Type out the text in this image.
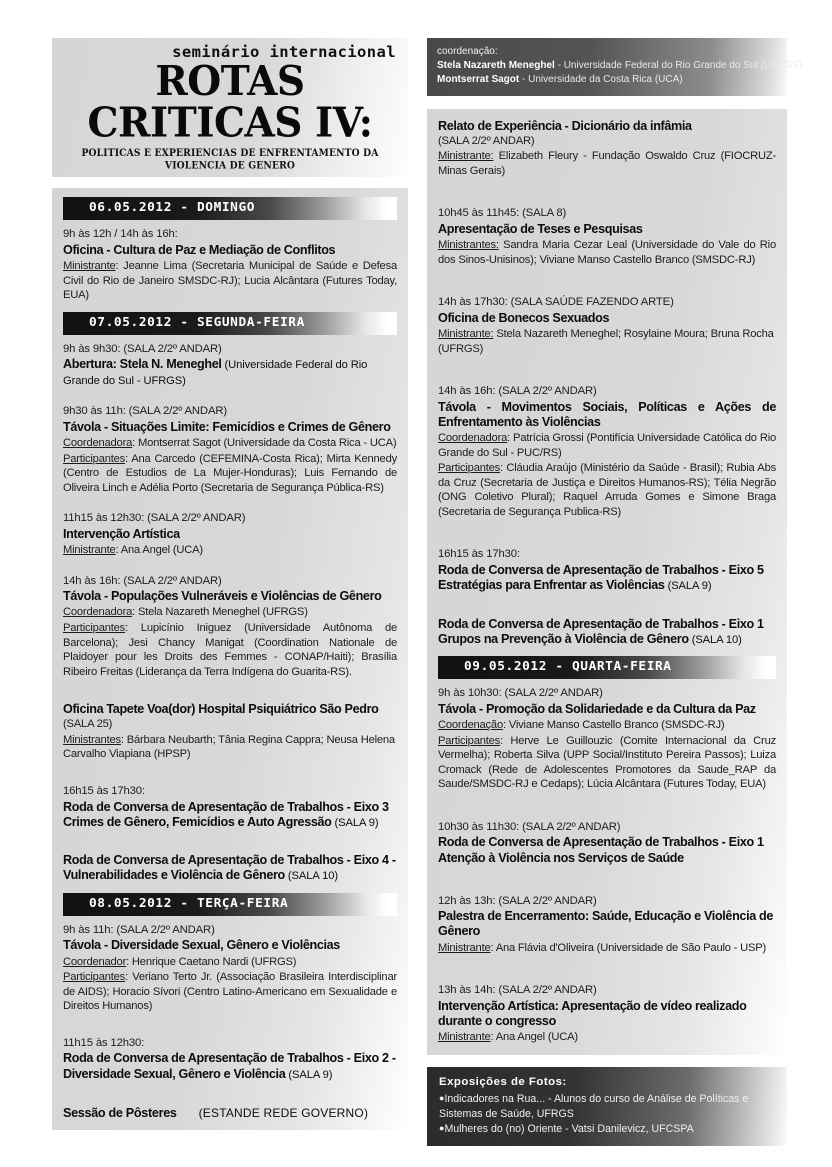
seminário internacional
ROTAS CRITICAS IV:
POLITICAS E EXPERIENCIAS DE ENFRENTAMENTO DA VIOLENCIA DE GENERO
06.05.2012 - DOMINGO
9h às 12h / 14h às 16h:
Oficina - Cultura de Paz e Mediação de Conflitos
Ministrante: Jeanne Lima (Secretaria Municipal de Saúde e Defesa Civil do Rio de Janeiro SMSDC-RJ); Lucia Alcântara (Futures Today, EUA)
07.05.2012 - SEGUNDA-FEIRA
9h às 9h30: (SALA 2/2º ANDAR)
Abertura: Stela N. Meneghel (Universidade Federal do Rio Grande do Sul - UFRGS)
9h30 às 11h: (SALA 2/2º ANDAR)
Távola - Situações Limite: Femicídios e Crimes de Gênero
Coordenadora: Montserrat Sagot (Universidade da Costa Rica - UCA)
Participantes: Ana Carcedo (CEFEMINA-Costa Rica); Mirta Kennedy (Centro de Estudios de La Mujer-Honduras); Luis Fernando de Oliveira Linch e Adélia Porto (Secretaria de Segurança Pública-RS)
11h15 às 12h30: (SALA 2/2º ANDAR)
Intervenção Artística
Ministrante: Ana Angel (UCA)
14h às 16h: (SALA 2/2º ANDAR)
Távola - Populações Vulneráveis e Violências de Gênero
Coordenadora: Stela Nazareth Meneghel (UFRGS)
Participantes: Lupicínio Iniguez (Universidade Autônoma de Barcelona); Jesi Chancy Manigat (Coordination Nationale de Plaidoyer pour les Droits des Femmes - CONAP/Haiti); Brasília Ribeiro Freitas (Liderança da Terra Indígena do Guarita-RS).
Oficina Tapete Voa(dor) Hospital Psiquiátrico São Pedro
(SALA 25)
Ministrantes: Bárbara Neubarth; Tânia Regina Cappra; Neusa Helena Carvalho Viapiana (HPSP)
16h15 às 17h30:
Roda de Conversa de Apresentação de Trabalhos - Eixo 3 Crimes de Gênero, Femicídios e Auto Agressão (SALA 9)
Roda de Conversa de Apresentação de Trabalhos - Eixo 4 - Vulnerabilidades e Violência de Gênero (SALA 10)
08.05.2012 - TERÇA-FEIRA
9h às 11h: (SALA 2/2º ANDAR)
Távola - Diversidade Sexual, Gênero e Violências
Coordenador: Henrique Caetano Nardi (UFRGS)
Participantes: Veriano Terto Jr. (Associação Brasileira Interdisciplinar de AIDS); Horacio Sívori (Centro Latino-Americano em Sexualidade e Direitos Humanos)
11h15 às 12h30:
Roda de Conversa de Apresentação de Trabalhos - Eixo 2 - Diversidade Sexual, Gênero e Violência (SALA 9)
Sessão de Pôsteres (ESTANDE REDE GOVERNO)
coordenação:
Stela Nazareth Meneghel - Universidade Federal do Rio Grande do Sul (UFRGS)
Montserrat Sagot - Universidade da Costa Rica (UCA)
Relato de Experiência - Dicionário da infâmia
(SALA 2/2º ANDAR)
Ministrante: Elizabeth Fleury - Fundação Oswaldo Cruz (FIOCRUZ-Minas Gerais)
10h45 às 11h45: (SALA 8)
Apresentação de Teses e Pesquisas
Ministrantes: Sandra Maria Cezar Leal (Universidade do Vale do Rio dos Sinos-Unisinos); Viviane Manso Castello Branco (SMSDC-RJ)
14h às 17h30: (SALA SAÚDE FAZENDO ARTE)
Oficina de Bonecos Sexuados
Ministrante: Stela Nazareth Meneghel; Rosylaine Moura; Bruna Rocha (UFRGS)
14h às 16h: (SALA 2/2º ANDAR)
Távola - Movimentos Sociais, Políticas e Ações de Enfrentamento às Violências
Coordenadora: Patrícia Grossi (Pontifícia Universidade Católica do Rio Grande do Sul - PUC/RS)
Participantes: Cláudia Araújo (Ministério da Saúde - Brasil); Rubia Abs da Cruz (Secretaria de Justiça e Direitos Humanos-RS); Télia Negrão (ONG Coletivo Plural); Raquel Arruda Gomes e Simone Braga (Secretaria de Segurança Publica-RS)
16h15 às 17h30:
Roda de Conversa de Apresentação de Trabalhos - Eixo 5 Estratégias para Enfrentar as Violências (SALA 9)
Roda de Conversa de Apresentação de Trabalhos - Eixo 1 Grupos na Prevenção à Violência de Gênero (SALA 10)
09.05.2012 - QUARTA-FEIRA
9h às 10h30: (SALA 2/2º ANDAR)
Távola - Promoção da Solidariedade e da Cultura da Paz
Coordenação: Viviane Manso Castello Branco (SMSDC-RJ)
Participantes: Herve Le Guillouzic (Comite Internacional da Cruz Vermelha); Roberta Silva (UPP Social/Instituto Pereira Passos); Luiza Cromack (Rede de Adolescentes Promotores da Saude_RAP da Saude/SMSDC-RJ e Cedaps); Lúcia Alcântara (Futures Today, EUA)
10h30 às 11h30: (SALA 2/2º ANDAR)
Roda de Conversa de Apresentação de Trabalhos - Eixo 1 Atenção à Violência nos Serviços de Saúde
12h às 13h: (SALA 2/2º ANDAR)
Palestra de Encerramento: Saúde, Educação e Violência de Gênero
Ministrante: Ana Flávia d'Oliveira (Universidade de São Paulo - USP)
13h às 14h: (SALA 2/2º ANDAR)
Intervenção Artística: Apresentação de vídeo realizado durante o congresso
Ministrante: Ana Angel (UCA)
Exposições de Fotos:
●Indicadores na Rua... - Alunos do curso de Análise de Políticas e Sistemas de Saúde, UFRGS
●Mulheres do (no) Oriente - Vatsi Danilevicz, UFCSPA
